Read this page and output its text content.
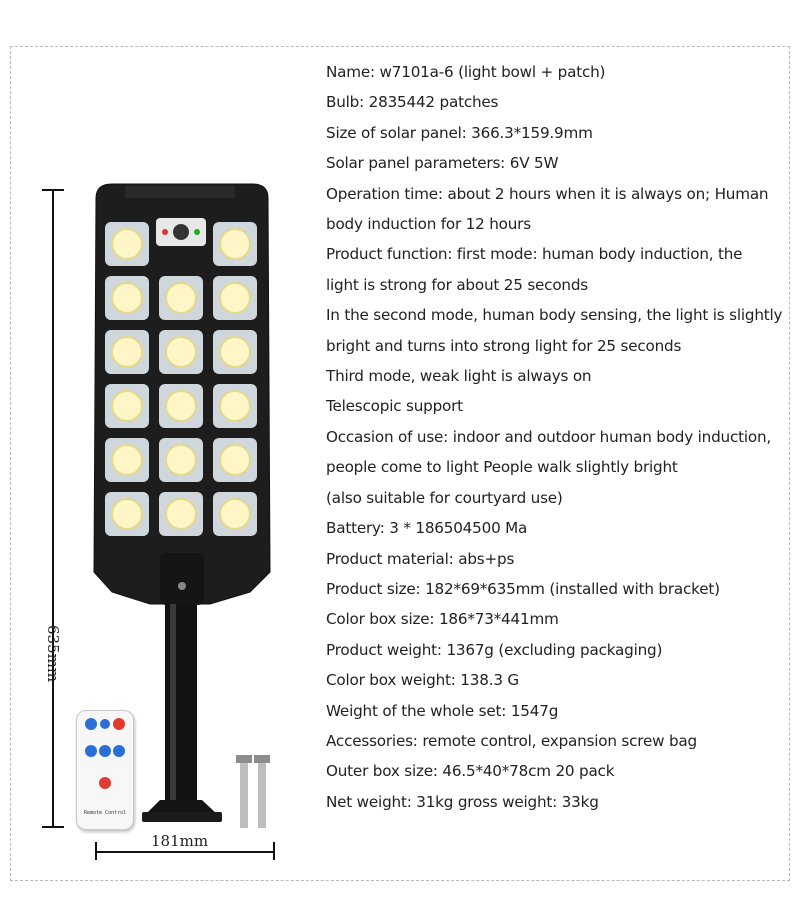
Remote Control
635mm
181mm
Name: w7101a-6 (light bowl + patch)
Bulb: 2835442 patches
Size of solar panel: 366.3*159.9mm
Solar panel parameters: 6V 5W
Operation time: about 2 hours when it is always on; Human
body induction for 12 hours
Product function: first mode: human body induction, the
light is strong for about 25 seconds
In the second mode, human body sensing, the light is slightly
bright and turns into strong light for 25 seconds
Third mode, weak light is always on
Telescopic support
Occasion of use: indoor and outdoor human body induction,
people come to light People walk slightly bright
(also suitable for courtyard use)
Battery: 3 * 186504500 Ma
Product material: abs+ps
Product size: 182*69*635mm (installed with bracket)
Color box size: 186*73*441mm
Product weight: 1367g (excluding packaging)
Color box weight: 138.3 G
Weight of the whole set: 1547g
Accessories: remote control, expansion screw bag
Outer box size: 46.5*40*78cm 20 pack
Net weight: 31kg gross weight: 33kg
